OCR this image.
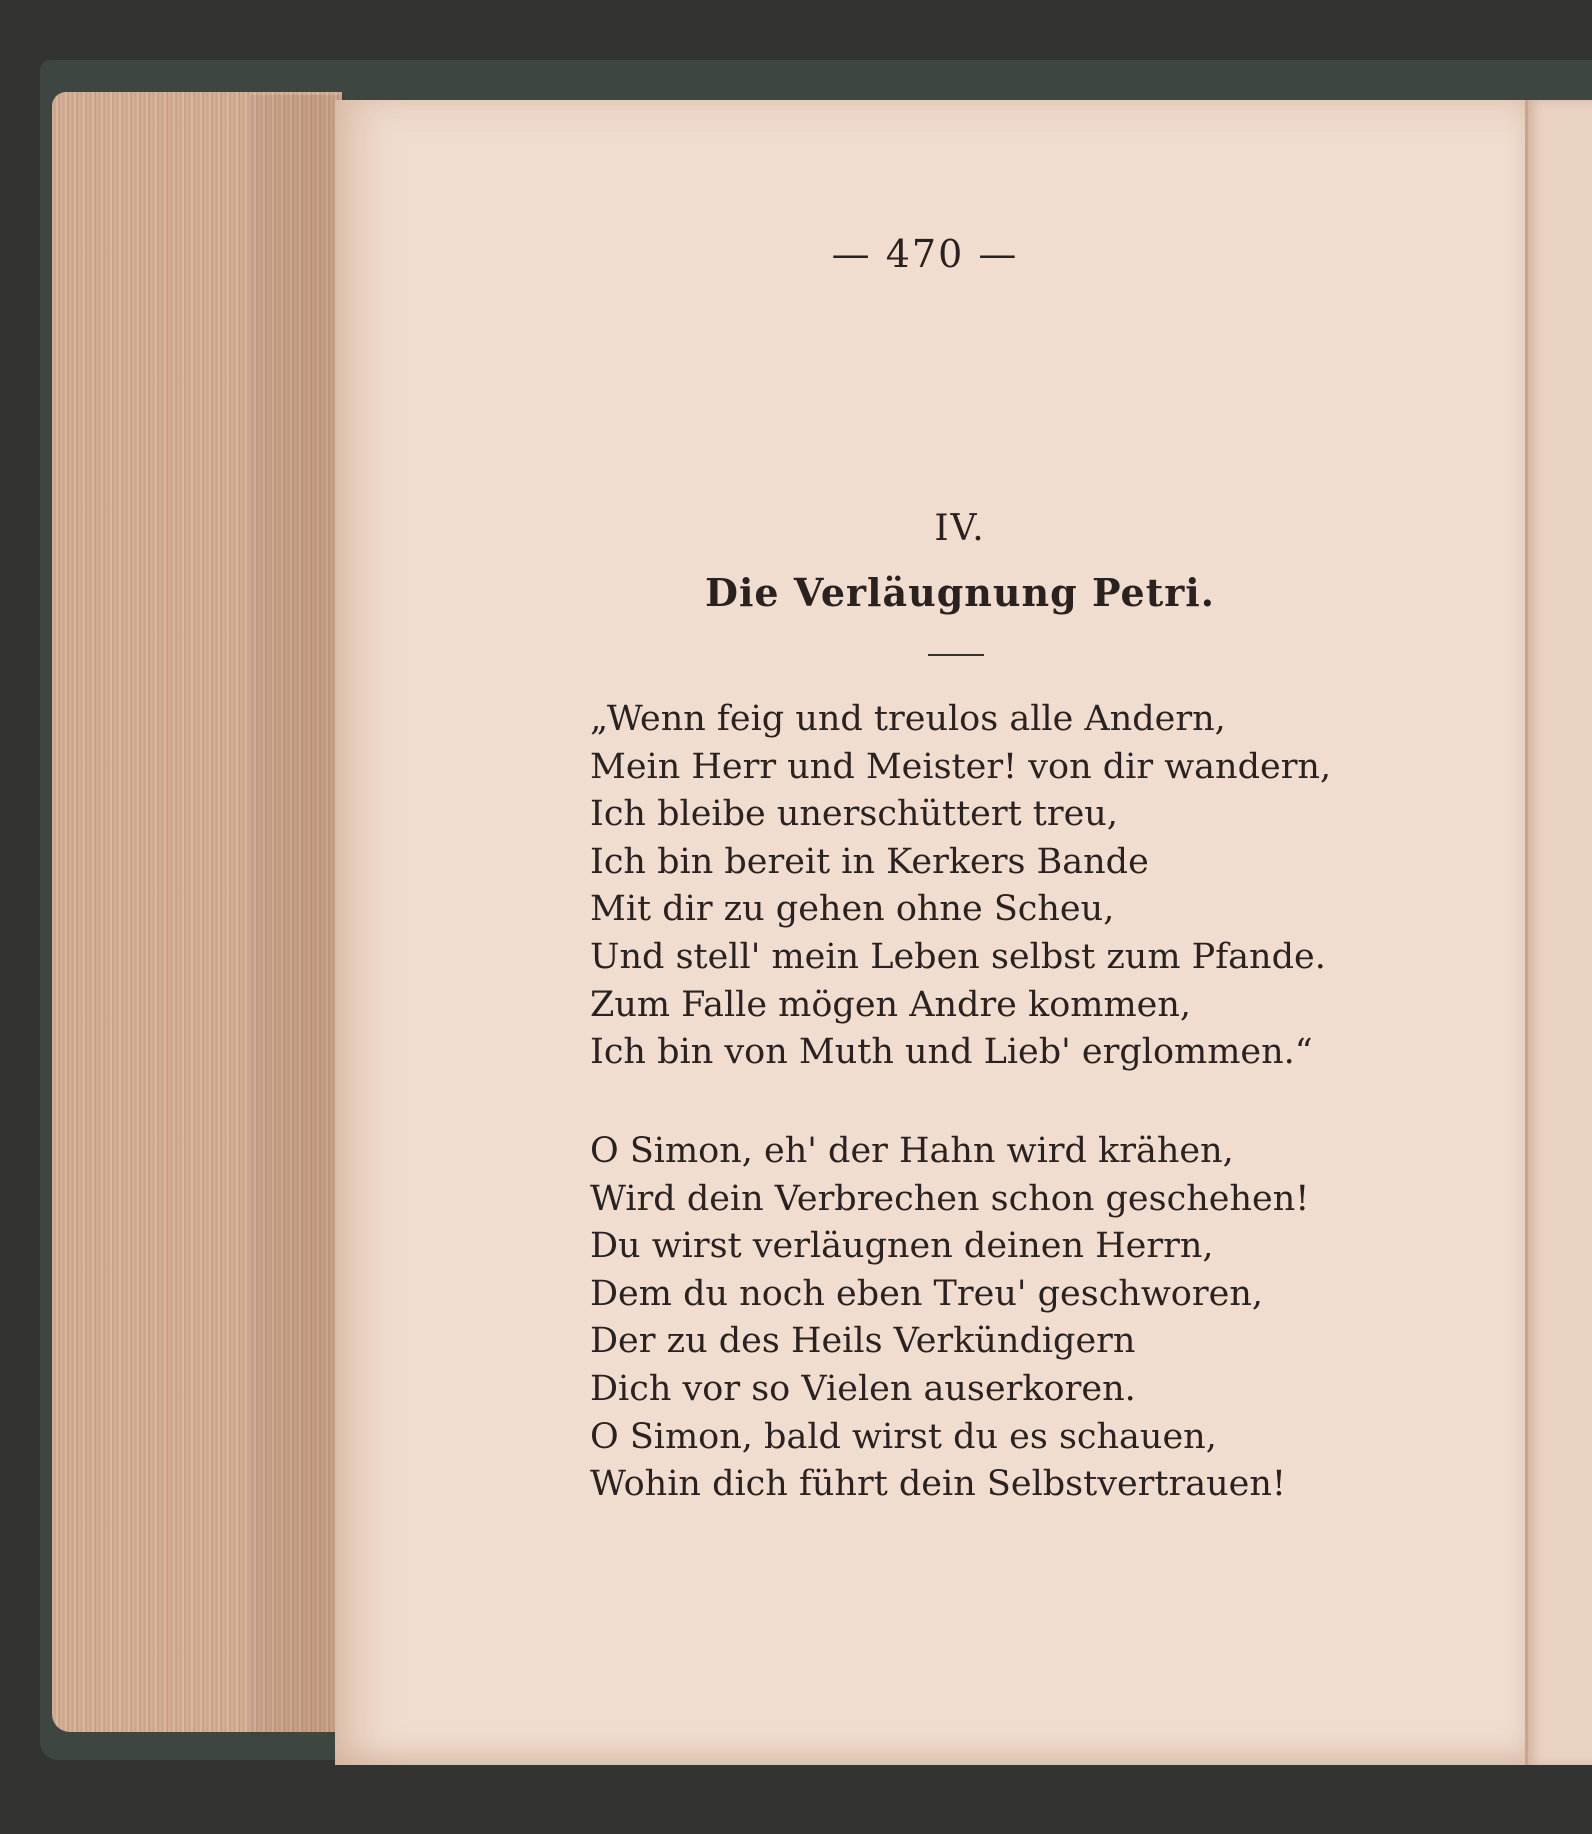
— 470 —
IV.
Die Verläugnung Petri.
„Wenn feig und treulos alle Andern,
Mein Herr und Meister! von dir wandern,
Ich bleibe unerschüttert treu,
Ich bin bereit in Kerkers Bande
Mit dir zu gehen ohne Scheu,
Und stell' mein Leben selbst zum Pfande.
Zum Falle mögen Andre kommen,
Ich bin von Muth und Lieb' erglommen.“
O Simon, eh' der Hahn wird krähen,
Wird dein Verbrechen schon geschehen!
Du wirst verläugnen deinen Herrn,
Dem du noch eben Treu' geschworen,
Der zu des Heils Verkündigern
Dich vor so Vielen auserkoren.
O Simon, bald wirst du es schauen,
Wohin dich führt dein Selbstvertrauen!
